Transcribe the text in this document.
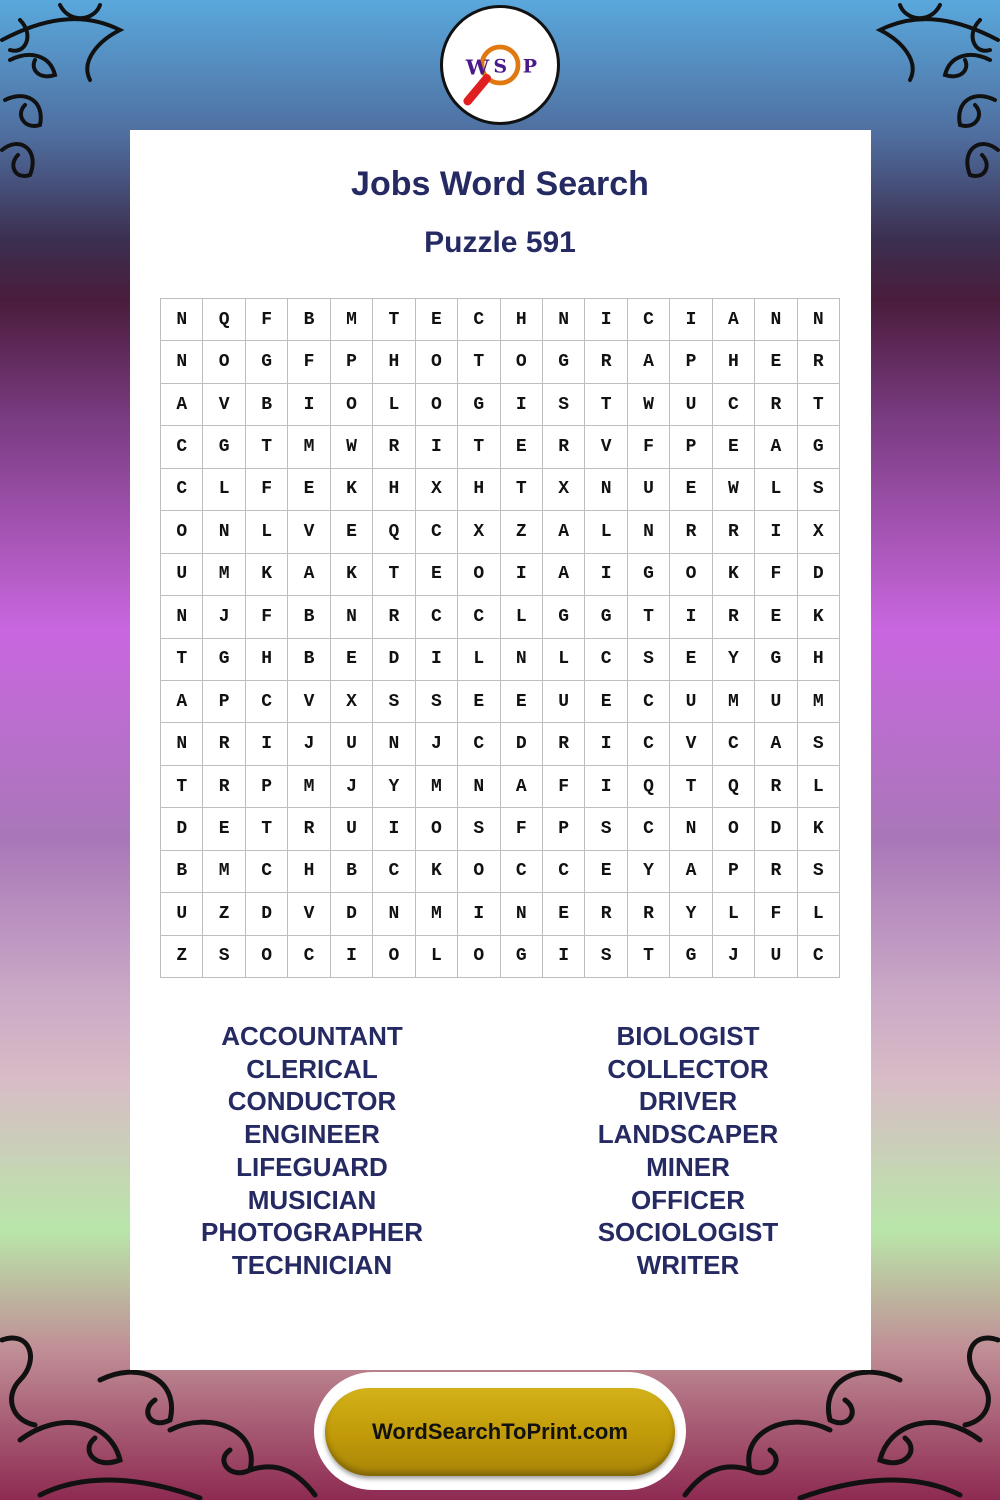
W S P
Jobs Word Search
Puzzle 591
N	Q	F	B	M	T	E	C	H	N	I	C	I	A	N	N
N	O	G	F	P	H	O	T	O	G	R	A	P	H	E	R
A	V	B	I	O	L	O	G	I	S	T	W	U	C	R	T
C	G	T	M	W	R	I	T	E	R	V	F	P	E	A	G
C	L	F	E	K	H	X	H	T	X	N	U	E	W	L	S
O	N	L	V	E	Q	C	X	Z	A	L	N	R	R	I	X
U	M	K	A	K	T	E	O	I	A	I	G	O	K	F	D
N	J	F	B	N	R	C	C	L	G	G	T	I	R	E	K
T	G	H	B	E	D	I	L	N	L	C	S	E	Y	G	H
A	P	C	V	X	S	S	E	E	U	E	C	U	M	U	M
N	R	I	J	U	N	J	C	D	R	I	C	V	C	A	S
T	R	P	M	J	Y	M	N	A	F	I	Q	T	Q	R	L
D	E	T	R	U	I	O	S	F	P	S	C	N	O	D	K
B	M	C	H	B	C	K	O	C	C	E	Y	A	P	R	S
U	Z	D	V	D	N	M	I	N	E	R	R	Y	L	F	L
Z	S	O	C	I	O	L	O	G	I	S	T	G	J	U	C
ACCOUNTANT
CLERICAL
CONDUCTOR
ENGINEER
LIFEGUARD
MUSICIAN
PHOTOGRAPHER
TECHNICIAN
BIOLOGIST
COLLECTOR
DRIVER
LANDSCAPER
MINER
OFFICER
SOCIOLOGIST
WRITER
WordSearchToPrint.com
